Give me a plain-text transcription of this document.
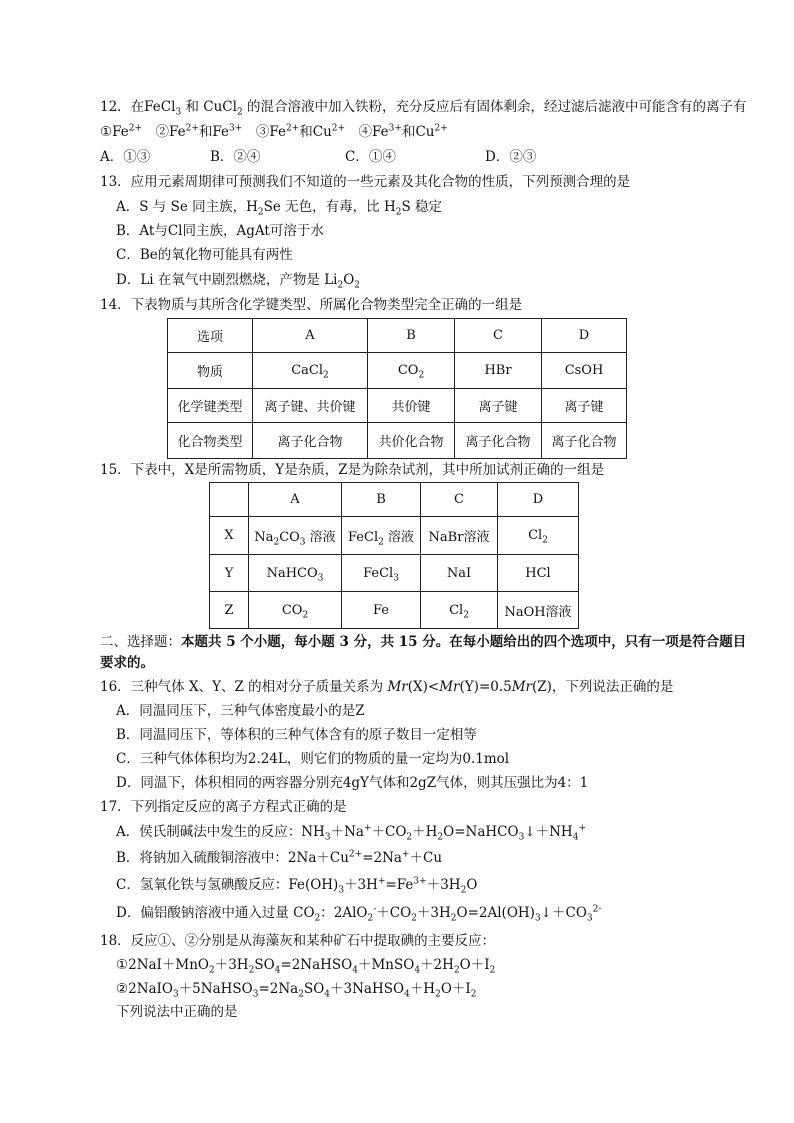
12．在FeCl$_3$ 和 CuCl$_2$ 的混合溶液中加入铁粉，充分反应后有固体剩余，经过滤后滤液中可能含有的离子有
$①Fe^{2+}$　$②Fe^{2+}$和$Fe^{3+}$　$③Fe^{2+}$和$Cu^{2+}$　$④Fe^{3+}$和$Cu^{2+}$
A．①③	B．②④	C．①④	D．②③
13．应用元素周期律可预测我们不知道的一些元素及其化合物的性质，下列预测合理的是
A．S 与 Se 同主族，$H_2Se$ 无色，有毒，比 $H_2S$ 稳定
B．At与Cl同主族，AgAt可溶于水
C．Be的氧化物可能具有两性
D．Li 在氧气中剧烈燃烧，产物是 $Li_2O_2$
14．下表物质与其所含化学键类型、所属化合物类型完全正确的一组是
选项	A	B	C	D
物质	CaCl$_2$	$CO_2$	HBr	CsOH
化学键类型	离子键、共价键	共价键	离子键	离子键
化合物类型	离子化合物	共价化合物	离子化合物	离子化合物
15．下表中，X是所需物质，Y是杂质，Z是为除杂试剂，其中所加试剂正确的一组是
	A	B	C	D
X	$Na_2CO_3$ 溶液	FeCl$_2$ 溶液	NaBr溶液	$Cl_2$
Y	NaHCO$_3$	FeCl$_3$	NaI	HCl
Z	$CO_2$	Fe	$Cl_2$	NaOH溶液
二、选择题：本题共 5 个小题，每小题 3 分，共 15 分。在每小题给出的四个选项中，只有一项是符合题目
要求的。
16．三种气体 X、Y、Z 的相对分子质量关系为 Mr(X)<Mr(Y)=0.5Mr(Z)，下列说法正确的是
A．同温同压下，三种气体密度最小的是Z
B．同温同压下，等体积的三种气体含有的原子数目一定相等
C．三种气体体积均为2.24L，则它们的物质的量一定均为0.1mol
D．同温下，体积相同的两容器分别充4gY气体和2gZ气体，则其压强比为4：1
17．下列指定反应的离子方程式正确的是
A．侯氏制碱法中发生的反应：$NH_3+Na^++CO_2+H_2O=NaHCO_3↓+NH_4^+$
B．将钠加入硫酸铜溶液中：$2Na+Cu^{2+}=2Na^++Cu$
C．氢氧化铁与氢碘酸反应：$Fe(OH)_3+3H^+=Fe^{3+}+3H_2O$
D．偏铝酸钠溶液中通入过量 $CO_2$：$2AlO_2^-+CO_2+3H_2O=2Al(OH)_3↓+CO_3^{2-}$
18．反应①、②分别是从海藻灰和某种矿石中提取碘的主要反应：
$①2NaI+MnO_2+3H_2SO_4=2NaHSO_4+MnSO_4+2H_2O+I_2$
$②2NaIO_3+5NaHSO_3=2Na_2SO_4+3NaHSO_4+H_2O+I_2$
下列说法中正确的是
